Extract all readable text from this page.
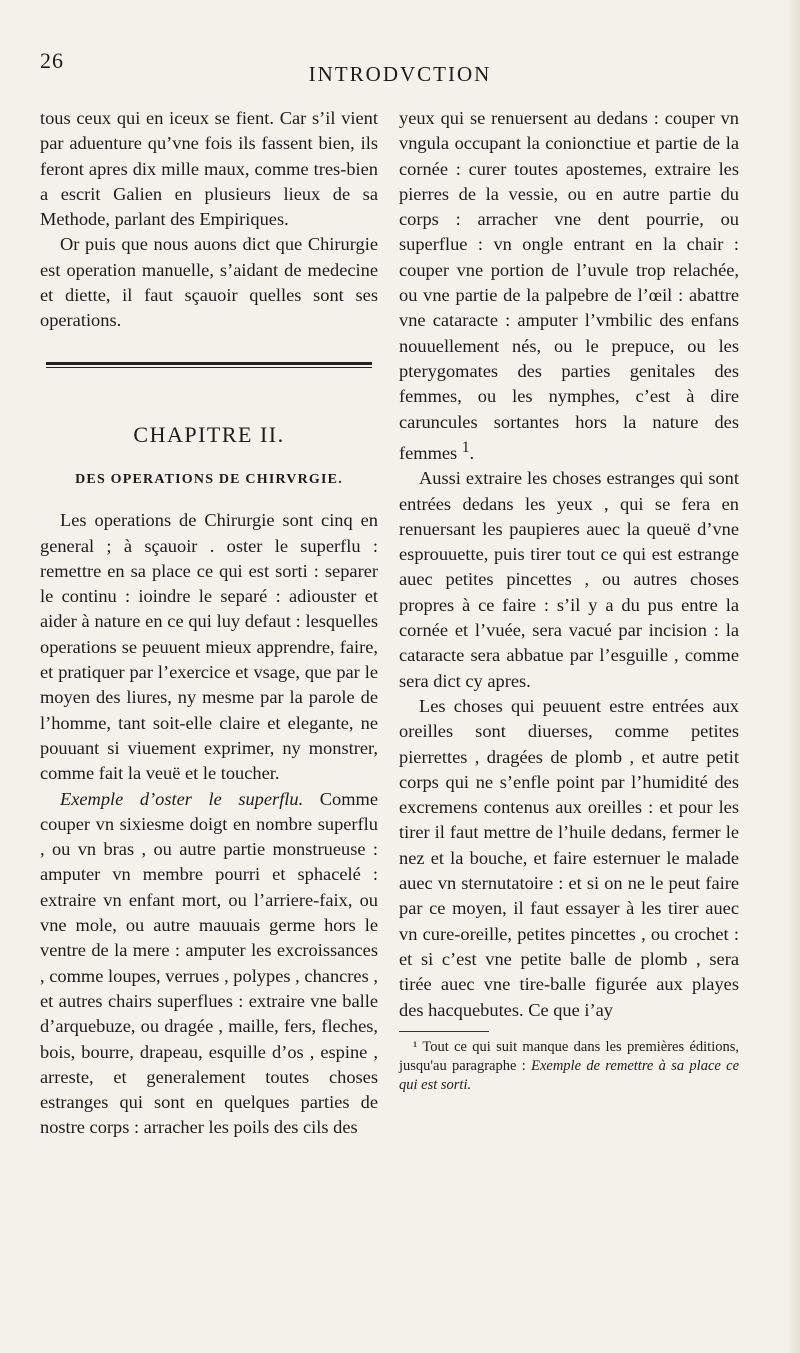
26
INTRODVCTION

tous ceux qui en iceux se fient. Car s’il vient par aduenture qu’vne fois ils fassent bien, ils feront apres dix mille maux, comme tres-bien a escrit Galien en plusieurs lieux de sa Methode, parlant des Empiriques.

Or puis que nous auons dict que Chirurgie est operation manuelle, s’aidant de medecine et diette, il faut sçauoir quelles sont ses operations.

CHAPITRE II.
DES OPERATIONS DE CHIRVRGIE.

Les operations de Chirurgie sont cinq en general ; à sçauoir . oster le superflu : remettre en sa place ce qui est sorti : separer le continu : ioindre le separé : adiouster et aider à nature en ce qui luy defaut : lesquelles operations se peuuent mieux apprendre, faire, et pratiquer par l’exercice et vsage, que par le moyen des liures, ny mesme par la parole de l’homme, tant soit-elle claire et elegante, ne pouuant si viuement exprimer, ny monstrer, comme fait la veuë et le toucher.

Exemple d’oster le superflu. Comme couper vn sixiesme doigt en nombre superflu , ou vn bras , ou autre partie monstrueuse : amputer vn membre pourri et sphacelé : extraire vn enfant mort, ou l’arriere-faix, ou vne mole, ou autre mauuais germe hors le ventre de la mere : amputer les excroissances , comme loupes, verrues , polypes , chancres , et autres chairs superflues : extraire vne balle d’arquebuze, ou dragée , maille, fers, fleches, bois, bourre, drapeau, esquille d’os , espine , arreste, et generalement toutes choses estranges qui sont en quelques parties de nostre corps : arracher les poils des cils des

yeux qui se renuersent au dedans : couper vn vngula occupant la conionctiue et partie de la cornée : curer toutes apostemes, extraire les pierres de la vessie, ou en autre partie du corps : arracher vne dent pourrie, ou superflue : vn ongle entrant en la chair : couper vne portion de l’uvule trop relachée, ou vne partie de la palpebre de l’œil : abattre vne cataracte : amputer l’vmbilic des enfans nouuellement nés, ou le prepuce, ou les pterygomates des parties genitales des femmes, ou les nymphes, c’est à dire caruncules sortantes hors la nature des femmes $^1$.

Aussi extraire les choses estranges qui sont entrées dedans les yeux , qui se fera en renuersant les paupieres auec la queuë d’vne esprouuette, puis tirer tout ce qui est estrange auec petites pincettes , ou autres choses propres à ce faire : s’il y a du pus entre la cornée et l’vuée, sera vacué par incision : la cataracte sera abbatue par l’esguille , comme sera dict cy apres.

Les choses qui peuuent estre entrées aux oreilles sont diuerses, comme petites pierrettes , dragées de plomb , et autre petit corps qui ne s’enfle point par l’humidité des excremens contenus aux oreilles : et pour les tirer il faut mettre de l’huile dedans, fermer le nez et la bouche, et faire esternuer le malade auec vn sternutatoire : et si on ne le peut faire par ce moyen, il faut essayer à les tirer auec vn cure-oreille, petites pincettes , ou crochet : et si c’est vne petite balle de plomb , sera tirée auec vne tire-balle figurée aux playes des hacquebutes. Ce que i’ay

¹ Tout ce qui suit manque dans les premières éditions, jusqu'au paragraphe : Exemple de remettre à sa place ce qui est sorti.
